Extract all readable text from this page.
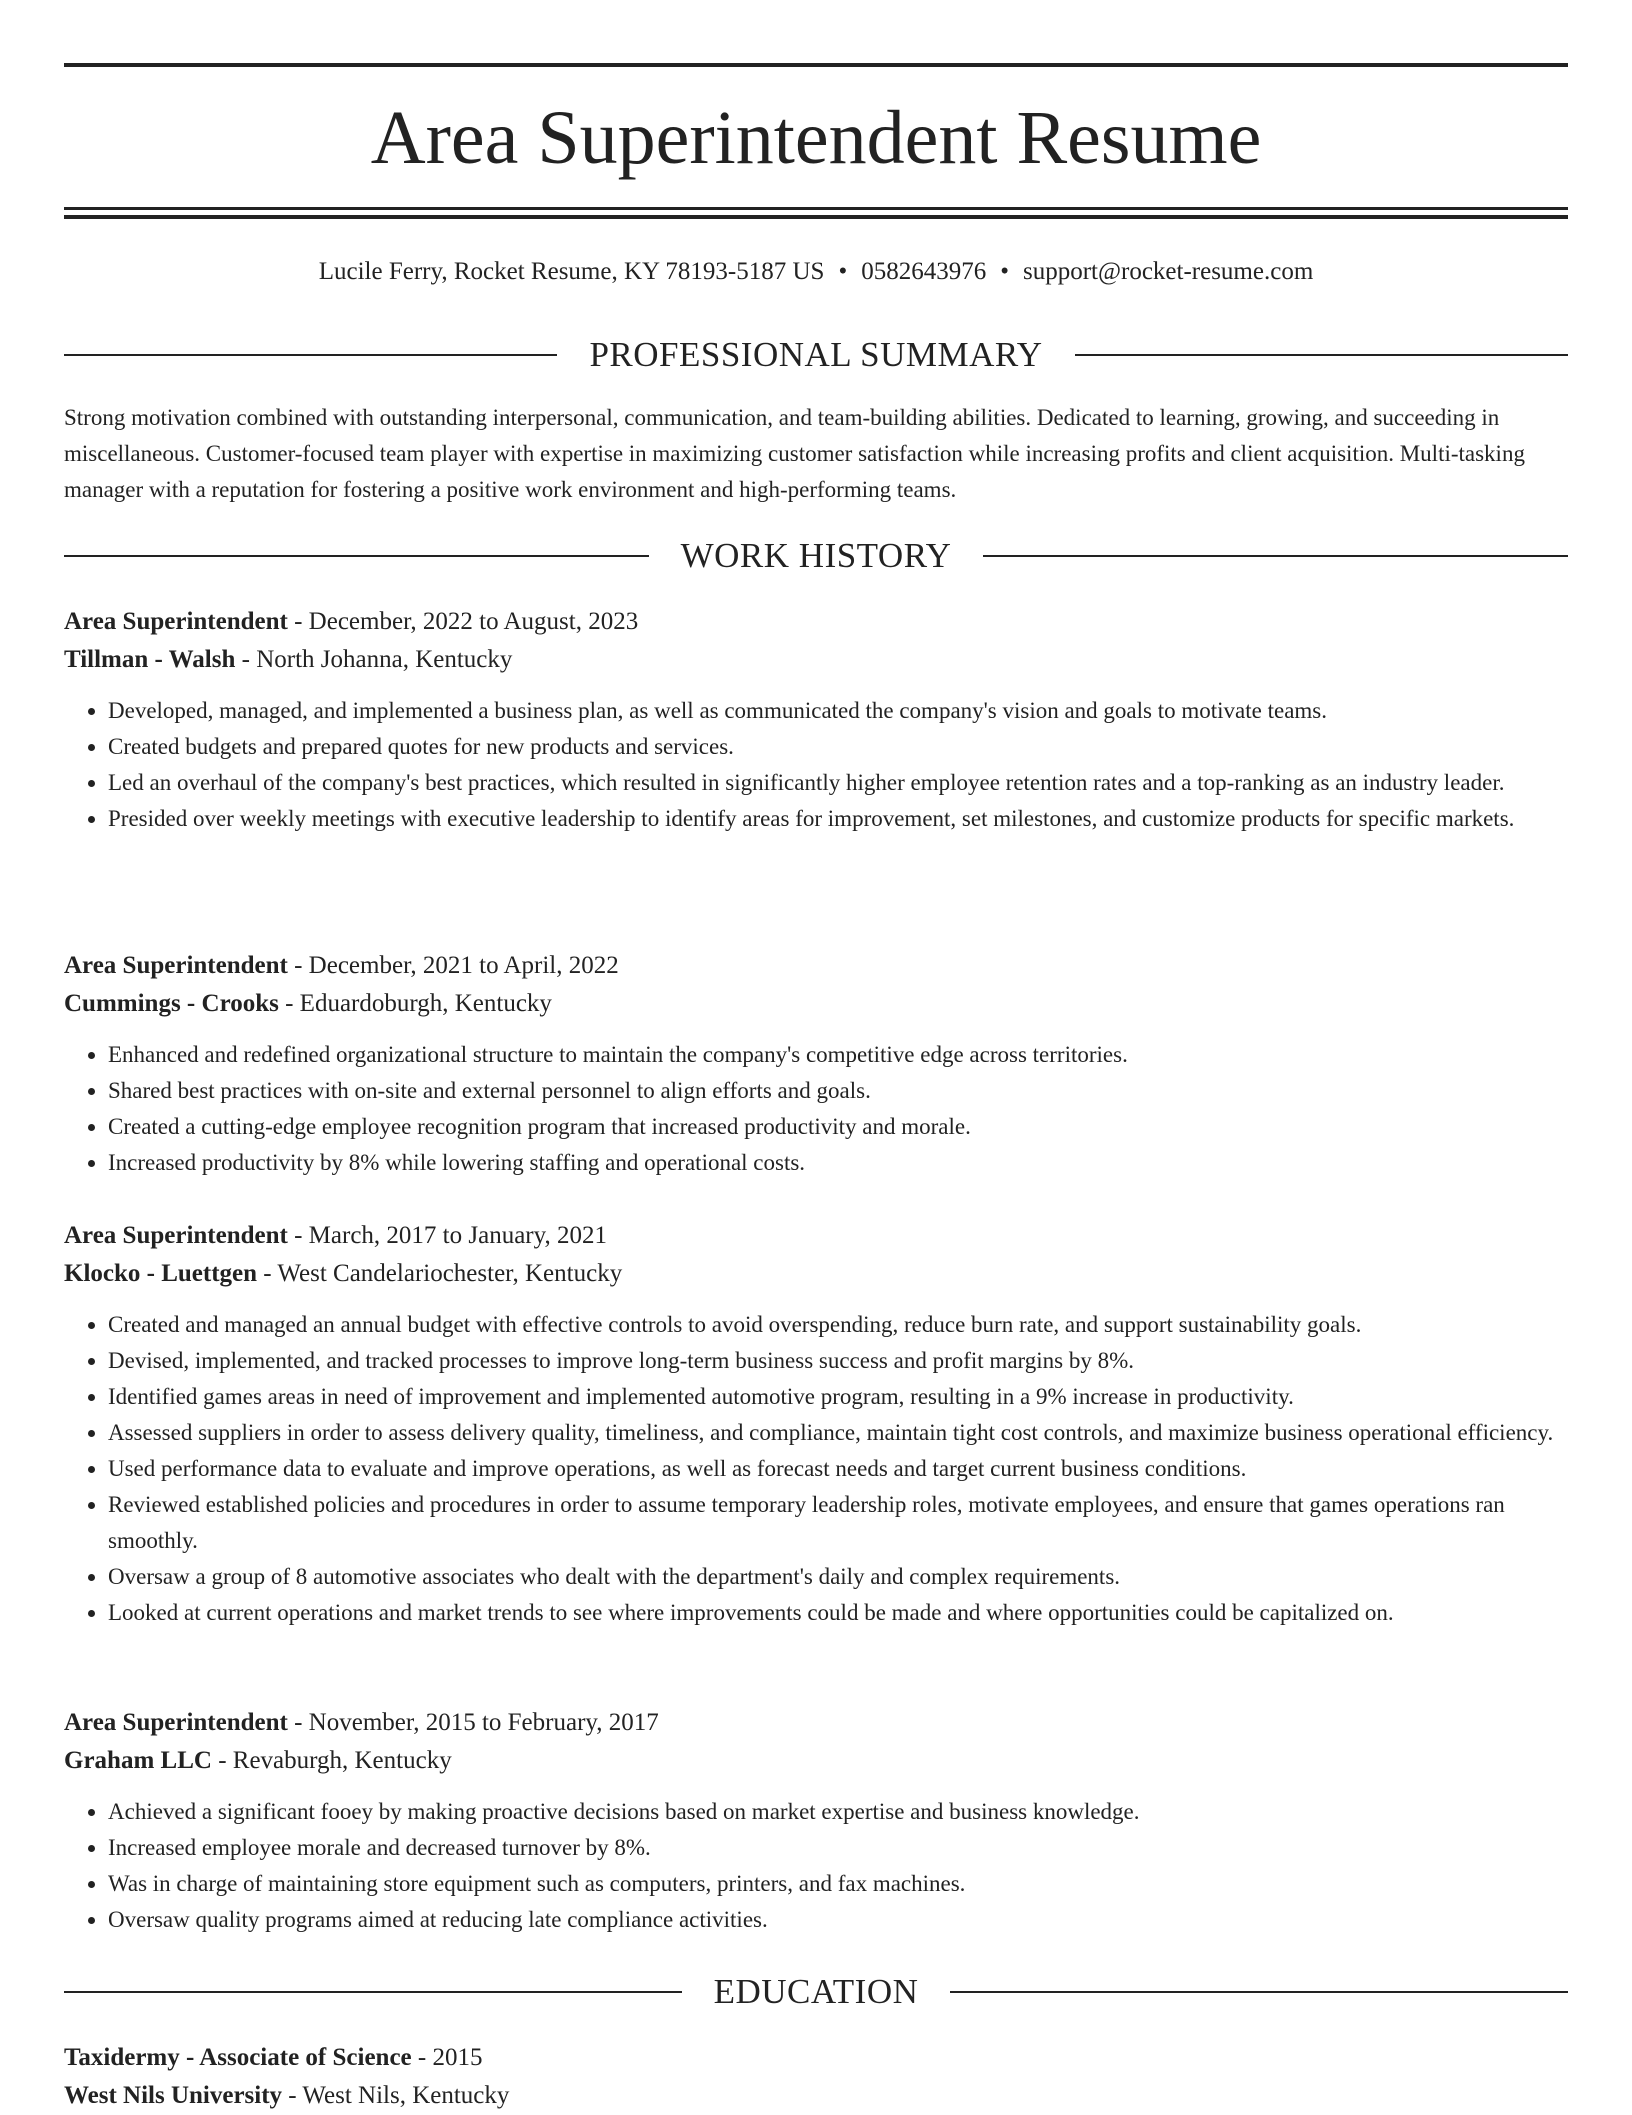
Area Superintendent Resume
Lucile Ferry, Rocket Resume, KY 78193-5187 US • 0582643976 • support@rocket-resume.com
PROFESSIONAL SUMMARY

Strong motivation combined with outstanding interpersonal, communication, and team-building abilities. Dedicated to learning, growing, and succeeding in miscellaneous. Customer-focused team player with expertise in maximizing customer satisfaction while increasing profits and client acquisition. Multi-tasking manager with a reputation for fostering a positive work environment and high-performing teams.

WORK HISTORY
Area Superintendent - December, 2022 to August, 2023
Tillman - Walsh - North Johanna, Kentucky
• Developed, managed, and implemented a business plan, as well as communicated the company's vision and goals to motivate teams.
• Created budgets and prepared quotes for new products and services.
• Led an overhaul of the company's best practices, which resulted in significantly higher employee retention rates and a top-ranking as an industry leader.
• Presided over weekly meetings with executive leadership to identify areas for improvement, set milestones, and customize products for specific markets.
Area Superintendent - December, 2021 to April, 2022
Cummings - Crooks - Eduardoburgh, Kentucky
• Enhanced and redefined organizational structure to maintain the company's competitive edge across territories.
• Shared best practices with on-site and external personnel to align efforts and goals.
• Created a cutting-edge employee recognition program that increased productivity and morale.
• Increased productivity by 8% while lowering staffing and operational costs.
Area Superintendent - March, 2017 to January, 2021
Klocko - Luettgen - West Candelariochester, Kentucky
• Created and managed an annual budget with effective controls to avoid overspending, reduce burn rate, and support sustainability goals.
• Devised, implemented, and tracked processes to improve long-term business success and profit margins by 8%.
• Identified games areas in need of improvement and implemented automotive program, resulting in a 9% increase in productivity.
• Assessed suppliers in order to assess delivery quality, timeliness, and compliance, maintain tight cost controls, and maximize business operational efficiency.
• Used performance data to evaluate and improve operations, as well as forecast needs and target current business conditions.
• Reviewed established policies and procedures in order to assume temporary leadership roles, motivate employees, and ensure that games operations ran smoothly.
• Oversaw a group of 8 automotive associates who dealt with the department's daily and complex requirements.
• Looked at current operations and market trends to see where improvements could be made and where opportunities could be capitalized on.
Area Superintendent - November, 2015 to February, 2017
Graham LLC - Revaburgh, Kentucky
• Achieved a significant fooey by making proactive decisions based on market expertise and business knowledge.
• Increased employee morale and decreased turnover by 8%.
• Was in charge of maintaining store equipment such as computers, printers, and fax machines.
• Oversaw quality programs aimed at reducing late compliance activities.
EDUCATION
Taxidermy - Associate of Science - 2015
West Nils University - West Nils, Kentucky
